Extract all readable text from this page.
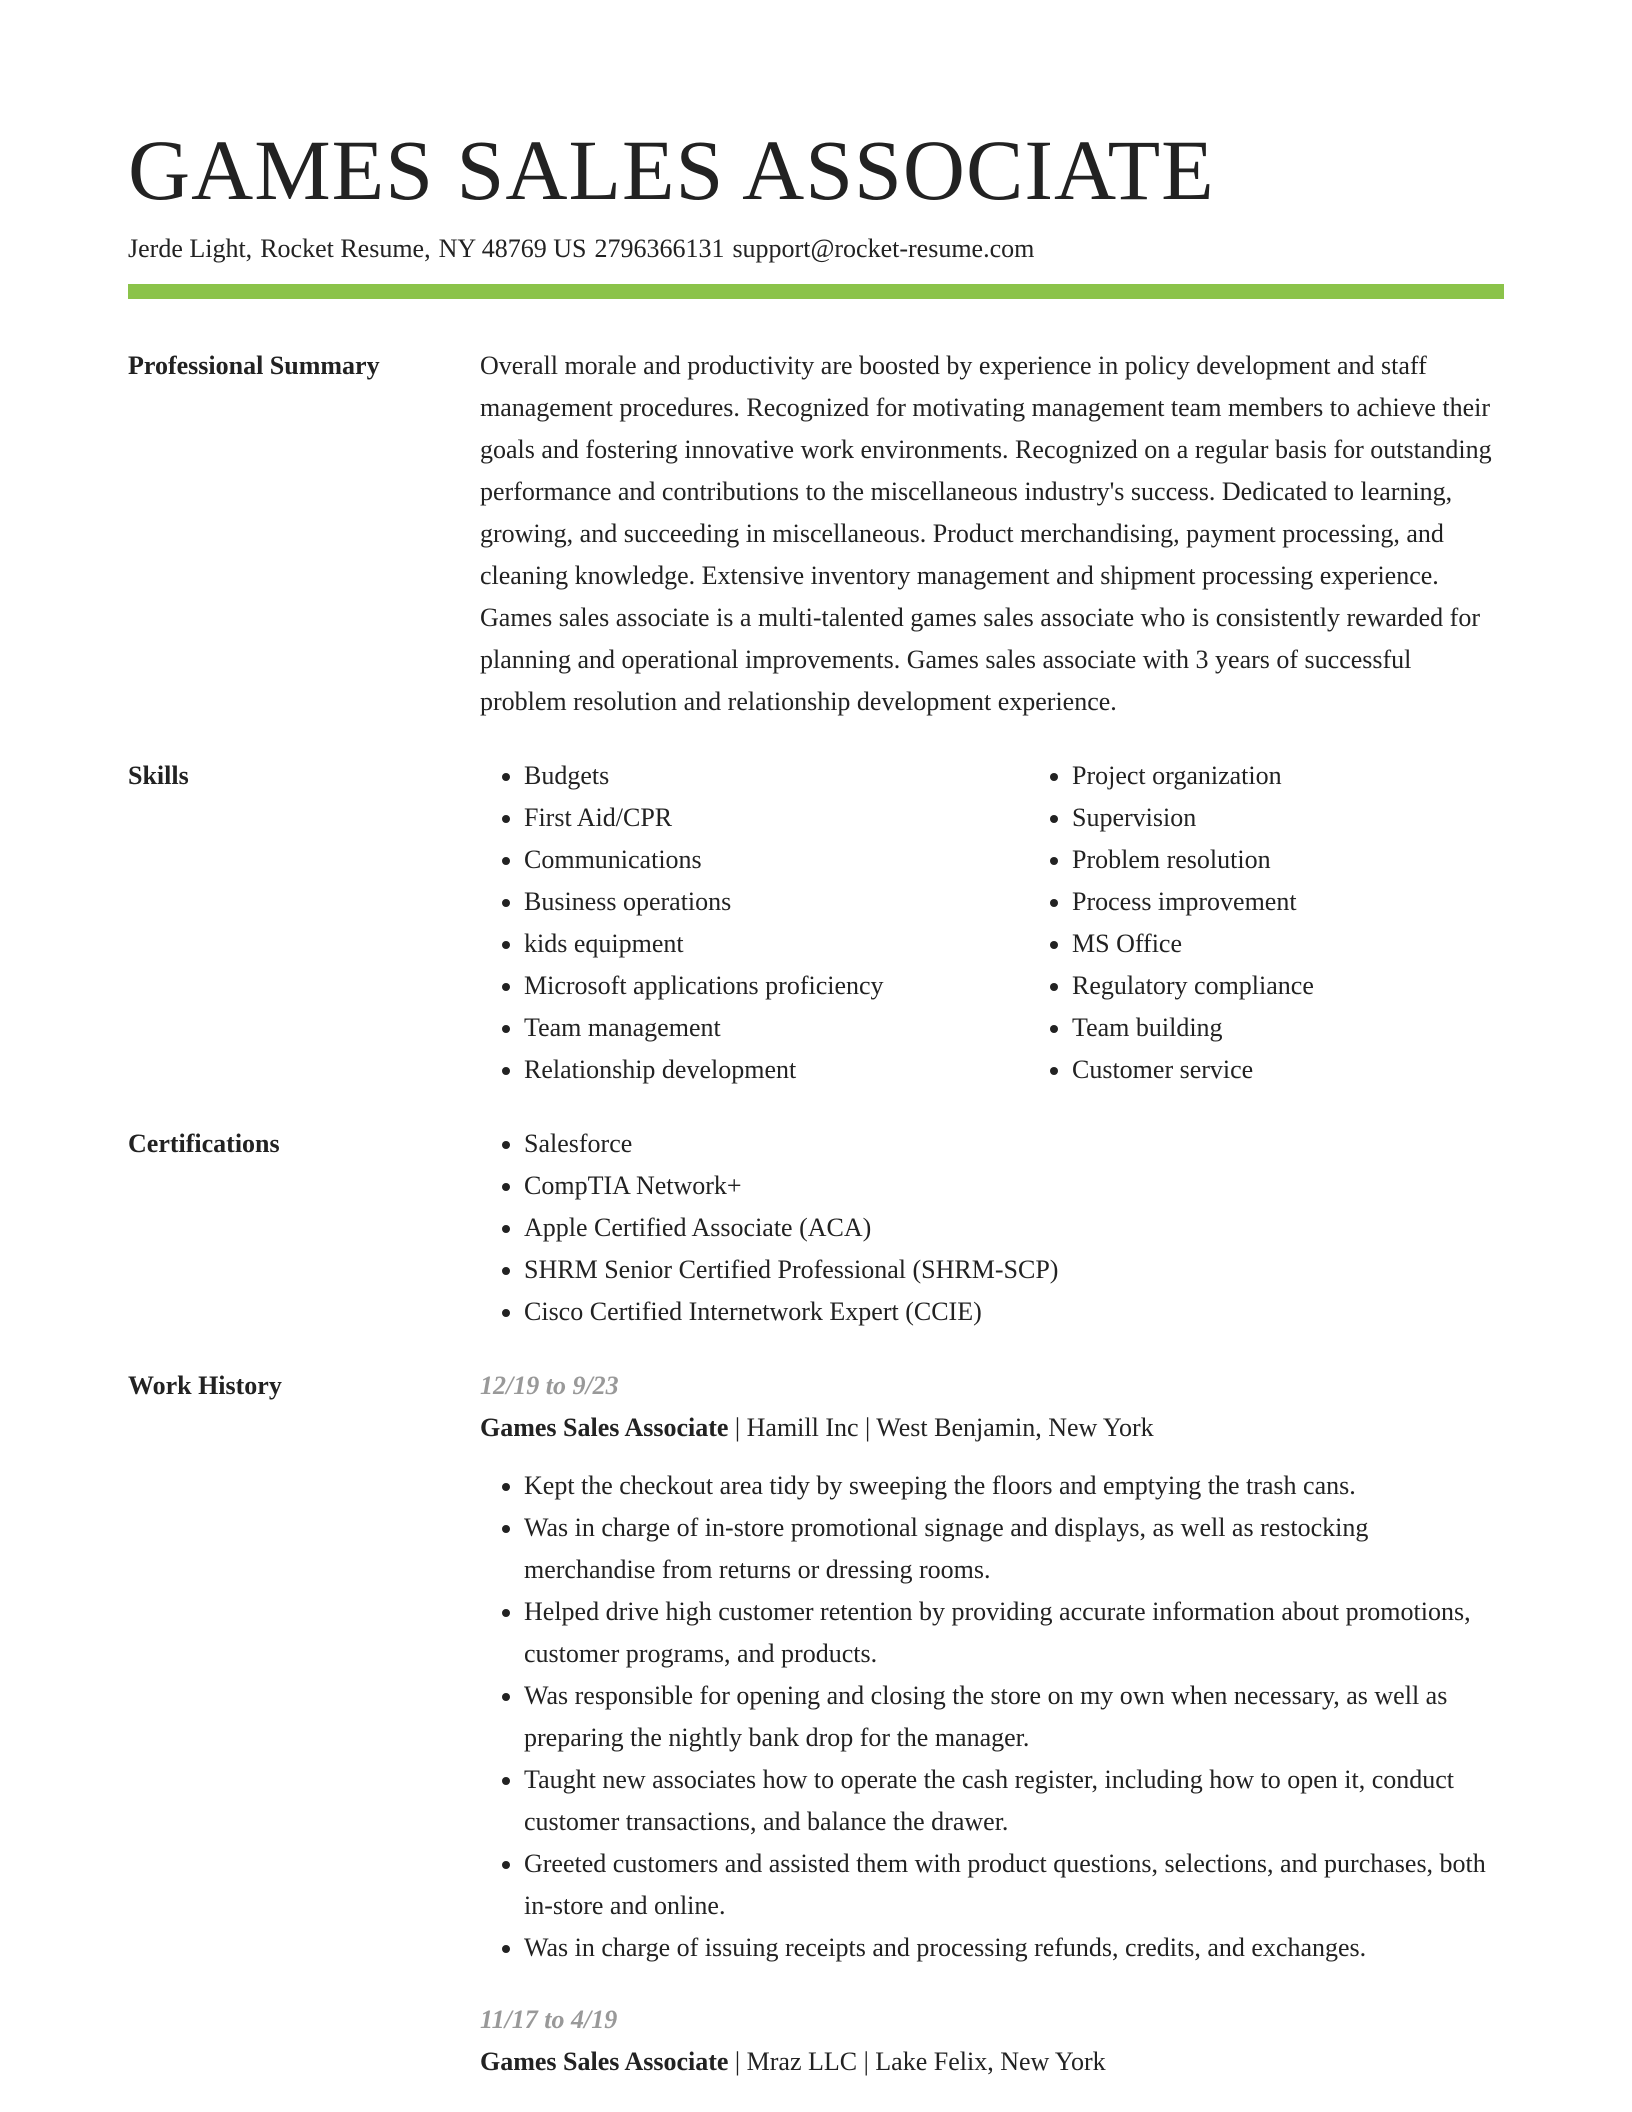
GAMES SALES ASSOCIATE
Jerde Light, Rocket Resume, NY 48769 US 2796366131 support@rocket-resume.com
Professional Summary	Overall morale and productivity are boosted by experience in policy development and staff management procedures. Recognized for motivating management team members to achieve their goals and fostering innovative work environments. Recognized on a regular basis for outstanding performance and contributions to the miscellaneous industry's success. Dedicated to learning, growing, and succeeding in miscellaneous. Product merchandising, payment processing, and cleaning knowledge. Extensive inventory management and shipment processing experience. Games sales associate is a multi-talented games sales associate who is consistently rewarded for planning and operational improvements. Games sales associate with 3 years of successful problem resolution and relationship development experience.

Skills	• Budgets
• First Aid/CPR
• Communications
• Business operations
• kids equipment
• Microsoft applications proficiency
• Team management
• Relationship development
• Project organization
• Supervision
• Problem resolution
• Process improvement
• MS Office
• Regulatory compliance
• Team building
• Customer service
Certifications	• Salesforce
• CompTIA Network+
• Apple Certified Associate (ACA)
• SHRM Senior Certified Professional (SHRM-SCP)
• Cisco Certified Internetwork Expert (CCIE)
Work History	12/19 to 9/23
Games Sales Associate | Hamill Inc | West Benjamin, New York
• Kept the checkout area tidy by sweeping the floors and emptying the trash cans.
• Was in charge of in-store promotional signage and displays, as well as restocking merchandise from returns or dressing rooms.
• Helped drive high customer retention by providing accurate information about promotions, customer programs, and products.
• Was responsible for opening and closing the store on my own when necessary, as well as preparing the nightly bank drop for the manager.
• Taught new associates how to operate the cash register, including how to open it, conduct customer transactions, and balance the drawer.
• Greeted customers and assisted them with product questions, selections, and purchases, both in-store and online.
• Was in charge of issuing receipts and processing refunds, credits, and exchanges.
11/17 to 4/19
Games Sales Associate | Mraz LLC | Lake Felix, New York
